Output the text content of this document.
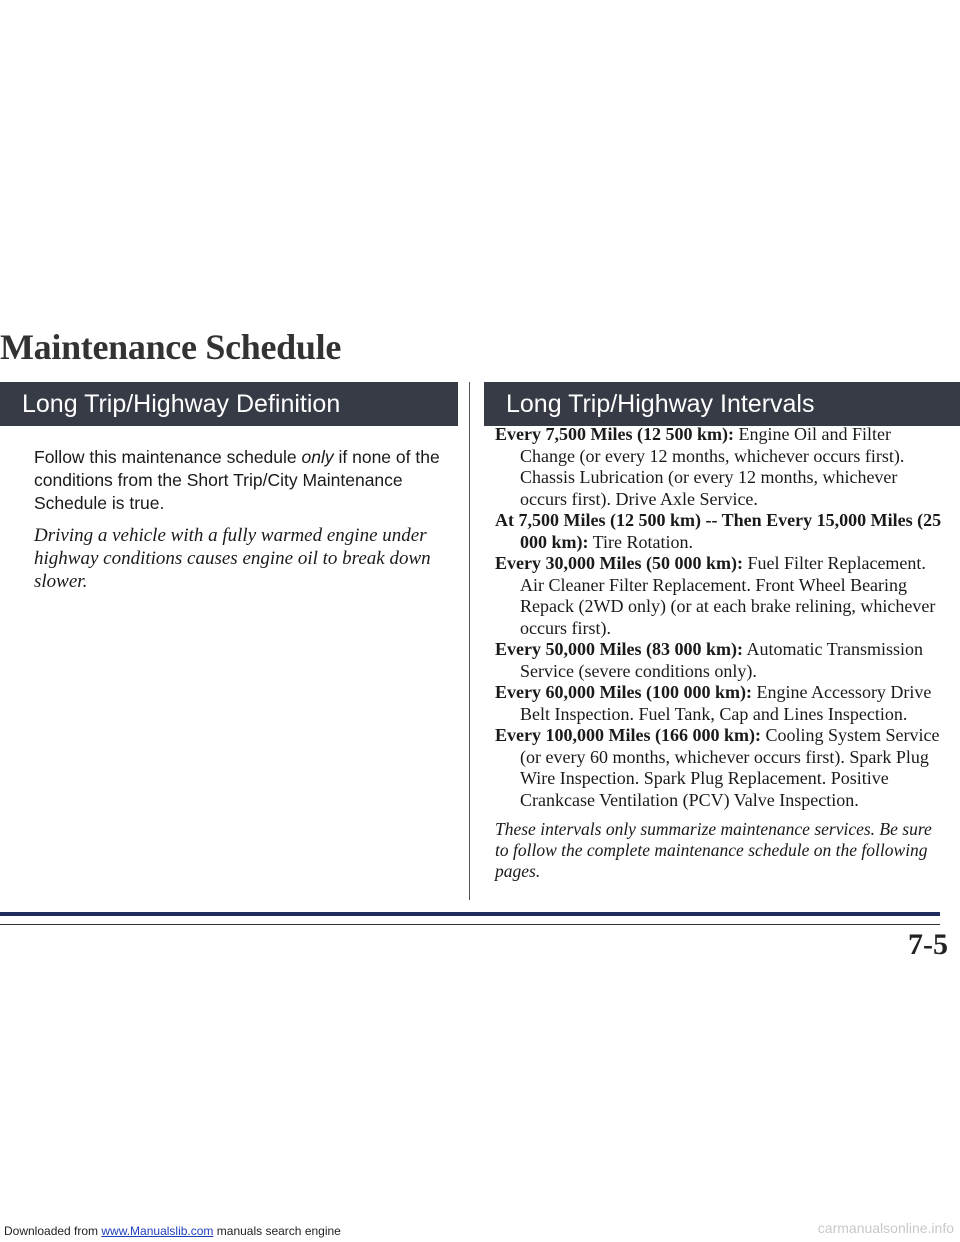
Maintenance Schedule
Long Trip/Highway Definition	Long Trip/Highway Intervals

Follow this maintenance schedule only if none of the conditions from the Short Trip/City Maintenance Schedule is true.

Driving a vehicle with a fully warmed engine under highway conditions causes engine oil to break down slower.

Every 7,500 Miles (12 500 km): Engine Oil and Filter Change (or every 12 months, whichever occurs first). Chassis Lubrication (or every 12 months, whichever occurs first). Drive Axle Service.

At 7,500 Miles (12 500 km) -- Then Every 15,000 Miles (25 000 km): Tire Rotation.

Every 30,000 Miles (50 000 km): Fuel Filter Replacement. Air Cleaner Filter Replacement. Front Wheel Bearing Repack (2WD only) (or at each brake relining, whichever occurs first).

Every 50,000 Miles (83 000 km): Automatic Transmission Service (severe conditions only).

Every 60,000 Miles (100 000 km): Engine Accessory Drive Belt Inspection. Fuel Tank, Cap and Lines Inspection.

Every 100,000 Miles (166 000 km): Cooling System Service (or every 60 months, whichever occurs first). Spark Plug Wire Inspection. Spark Plug Replacement. Positive Crankcase Ventilation (PCV) Valve Inspection.

These intervals only summarize maintenance services. Be sure to follow the complete maintenance schedule on the following pages.

7-5
Downloaded from www.Manualslib.com manuals search engine	carmanualsonline.info
